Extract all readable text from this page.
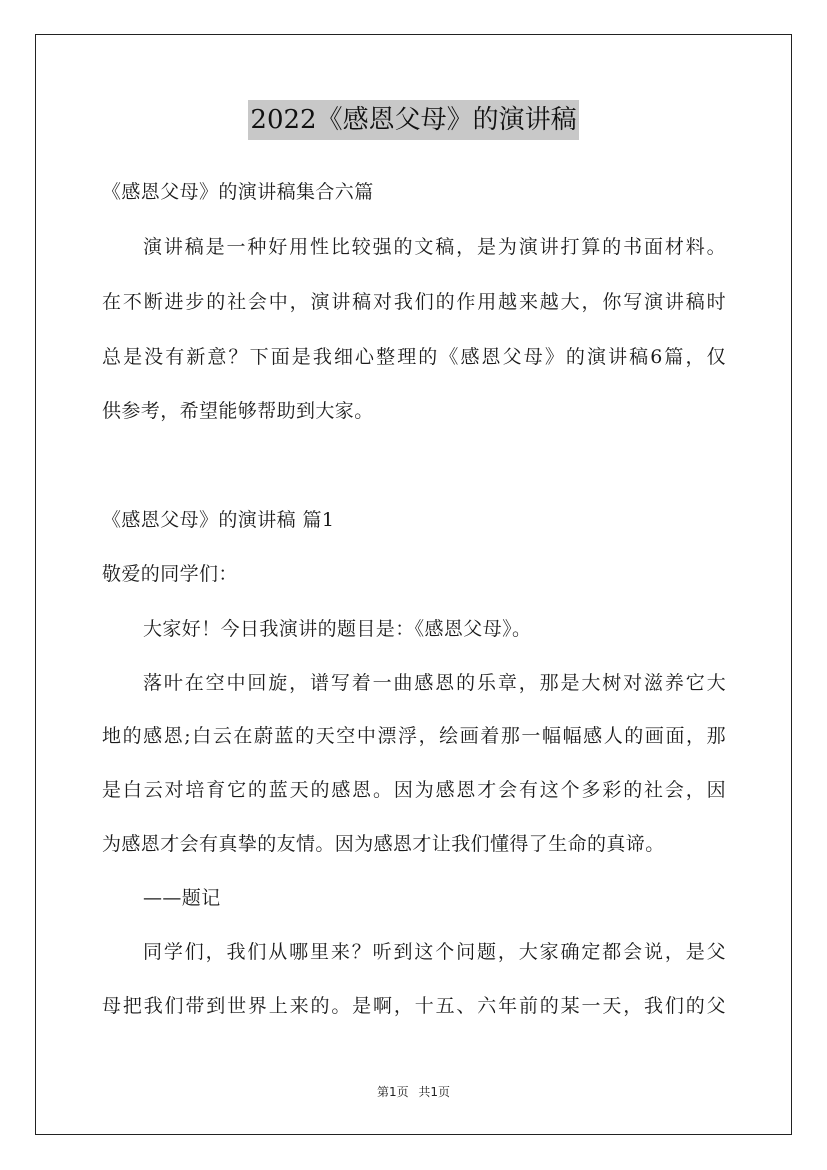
2022《感恩父母》的演讲稿
《感恩父母》的演讲稿集合六篇
演讲稿是一种好用性比较强的文稿，是为演讲打算的书面材料。
在不断进步的社会中，演讲稿对我们的作用越来越大，你写演讲稿时
总是没有新意？下面是我细心整理的《感恩父母》的演讲稿6篇，仅
供参考，希望能够帮助到大家。
《感恩父母》的演讲稿 篇1
敬爱的同学们：
大家好！今日我演讲的题目是：《感恩父母》。
落叶在空中回旋，谱写着一曲感恩的乐章，那是大树对滋养它大
地的感恩;白云在蔚蓝的天空中漂浮，绘画着那一幅幅感人的画面，那
是白云对培育它的蓝天的感恩。因为感恩才会有这个多彩的社会，因
为感恩才会有真挚的友情。因为感恩才让我们懂得了生命的真谛。
——题记
同学们，我们从哪里来？听到这个问题，大家确定都会说，是父
母把我们带到世界上来的。是啊，十五、六年前的某一天，我们的父
第1页 共1页
